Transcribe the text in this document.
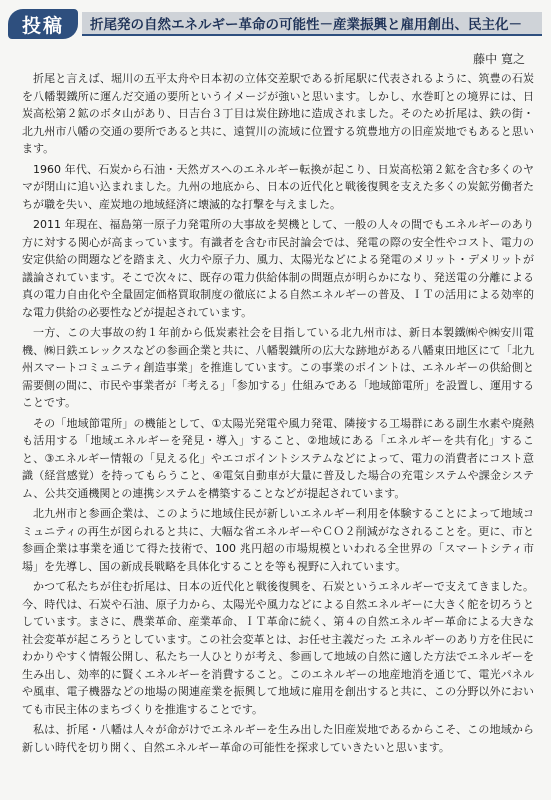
投稿	折尾発の自然エネルギー革命の可能性－産業振興と雇用創出、民主化－
藤中 寛之

折尾と言えば、堀川の五平太舟や日本初の立体交差駅である折尾駅に代表されるように、筑豊の石炭を八幡製鐵所に運んだ交通の要所というイメージが強いと思います。しかし、水巻町との境界には、日炭高松第２鉱のボタ山があり、日吉台３丁目は炭住跡地に造成されました。そのため折尾は、鉄の街・北九州市八幡の交通の要所であると共に、遠賀川の流域に位置する筑豊地方の旧産炭地でもあると思います。

1960 年代、石炭から石油・天然ガスへのエネルギー転換が起こり、日炭高松第２鉱を含む多くのヤマが閉山に追い込まれました。九州の地底から、日本の近代化と戦後復興を支えた多くの炭鉱労働者たちが職を失い、産炭地の地域経済に壊滅的な打撃を与えました。

2011 年現在、福島第一原子力発電所の大事故を契機として、一般の人々の間でもエネルギーのあり方に対する関心が高まっています。有識者を含む市民討論会では、発電の際の安全性やコスト、電力の安定供給の問題などを踏まえ、火力や原子力、風力、太陽光などによる発電のメリット・デメリットが議論されています。そこで次々に、既存の電力供給体制の問題点が明らかになり、発送電の分離による真の電力自由化や全量固定価格買取制度の徹底による自然エネルギーの普及、ＩＴの活用による効率的な電力供給の必要性などが提起されています。

一方、この大事故の約１年前から低炭素社会を目指している北九州市は、新日本製鐵㈱や㈱安川電機、㈱日鉄エレックスなどの参画企業と共に、八幡製鐵所の広大な跡地がある八幡東田地区にて「北九州スマートコミュニティ創造事業」を推進しています。この事業のポイントは、エネルギーの供給側と需要側の間に、市民や事業者が「考える」「参加する」仕組みである「地域節電所」を設置し、運用することです。

その「地域節電所」の機能として、①太陽光発電や風力発電、隣接する工場群にある副生水素や廃熱も活用する「地域エネルギーを発見・導入」すること、②地域にある「エネルギーを共有化」すること、③エネルギー情報の「見える化」やエコポイントシステムなどによって、電力の消費者にコスト意識（経営感覚）を持ってもらうこと、④電気自動車が大量に普及した場合の充電システムや課金システム、公共交通機関との連携システムを構築することなどが提起されています。

北九州市と参画企業は、このように地域住民が新しいエネルギー利用を体験することによって地域コミュニティの再生が図られると共に、大幅な省エネルギーやＣＯ２削減がなされることを。更に、市と参画企業は事業を通じて得た技術で、100 兆円超の市場規模といわれる全世界の「スマートシティ市場」を先導し、国の新成長戦略を具体化することを等も視野に入れています。

かつて私たちが住む折尾は、日本の近代化と戦後復興を、石炭というエネルギーで支えてきました。今、時代は、石炭や石油、原子力から、太陽光や風力などによる自然エネルギーに大きく舵を切ろうとしています。まさに、農業革命、産業革命、ＩＴ革命に続く、第４の自然エネルギー革命による大きな社会変革が起ころうとしています。この社会変革とは、お任せ主義だった エネルギーのあり方を住民にわかりやすく情報公開し、私たち一人ひとりが考え、参画して地域の自然に適した方法でエネルギーを生み出し、効率的に賢くエネルギーを消費すること。このエネルギーの地産地消を通じて、電光パネルや風車、電子機器などの地場の関連産業を振興して地域に雇用を創出すると共に、この分野以外においても市民主体のまちづくりを推進することです。

私は、折尾・八幡は人々が命がけでエネルギーを生み出した旧産炭地であるからこそ、この地域から新しい時代を切り開く、自然エネルギー革命の可能性を探求していきたいと思います。
